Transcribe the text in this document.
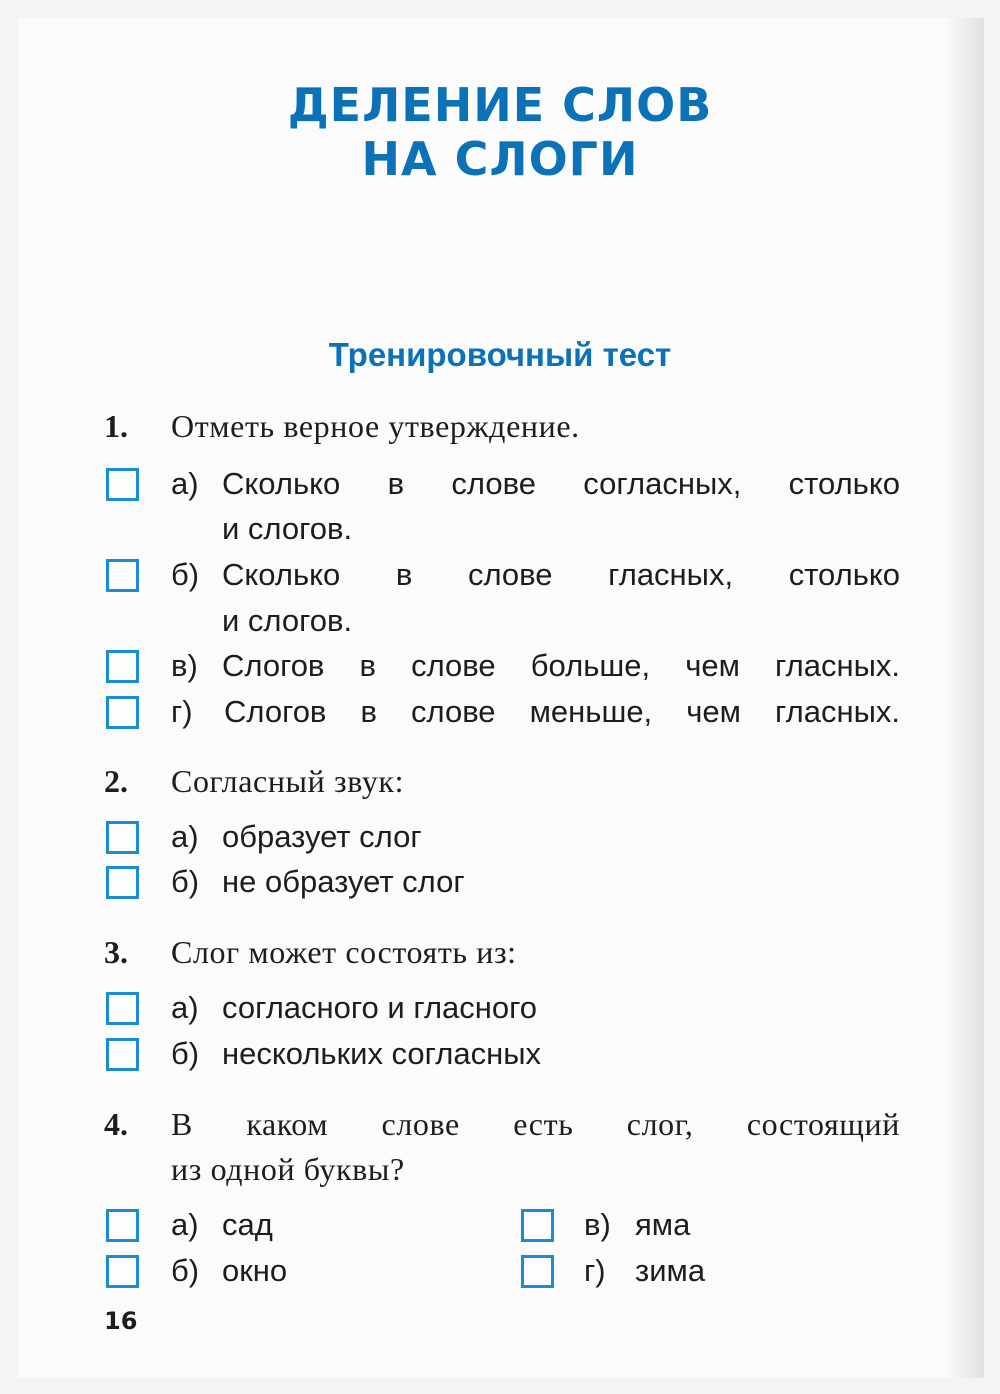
ДЕЛЕНИЕ СЛОВ
НА СЛОГИ
Тренировочный тест
1. Отметь верное утверждение.
а) Сколько в слове согласных, столько
и слогов.
б) Сколько в слове гласных, столько
и слогов.
в) Слогов в слове больше, чем гласных.
г) Слогов в слове меньше, чем гласных.
2. Согласный звук:
а) образует слог
б) не образует слог
3. Слог может состоять из:
а) согласного и гласного
б) нескольких согласных
4. В каком слове есть слог, состоящий
из одной буквы?
а) сад
б) окно
в) яма
г) зима
16
